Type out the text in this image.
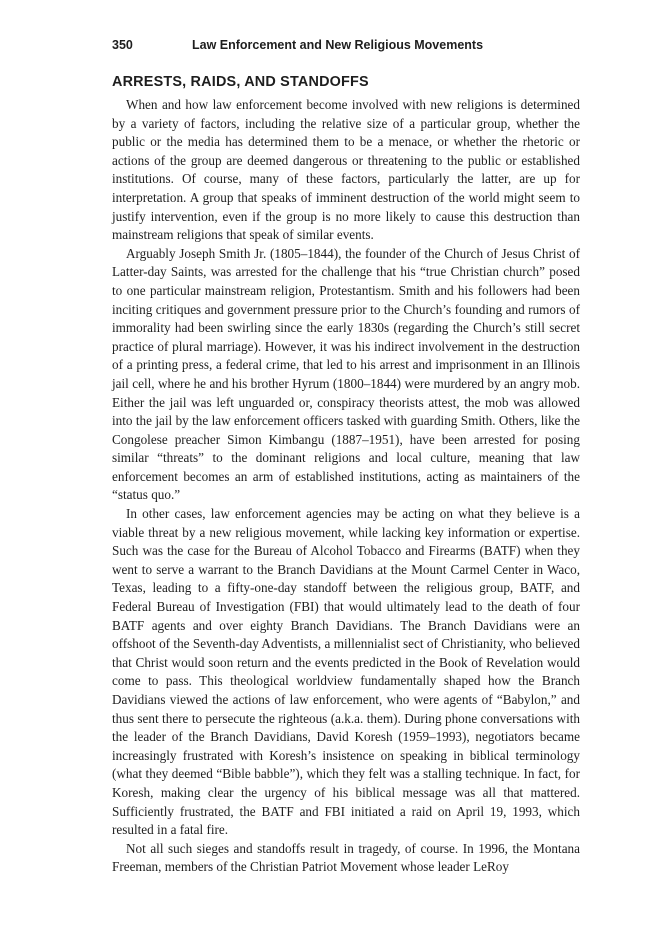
350	Law Enforcement and New Religious Movements
ARRESTS, RAIDS, AND STANDOFFS

When and how law enforcement become involved with new religions is determined by a variety of factors, including the relative size of a particular group, whether the public or the media has determined them to be a menace, or whether the rhetoric or actions of the group are deemed dangerous or threatening to the public or established institutions. Of course, many of these factors, particularly the latter, are up for interpretation. A group that speaks of imminent destruction of the world might seem to justify intervention, even if the group is no more likely to cause this destruction than mainstream religions that speak of similar events.

Arguably Joseph Smith Jr. (1805–1844), the founder of the Church of Jesus Christ of Latter-day Saints, was arrested for the challenge that his “true Christian church” posed to one particular mainstream religion, Protestantism. Smith and his followers had been inciting critiques and government pressure prior to the Church’s founding and rumors of immorality had been swirling since the early 1830s (regarding the Church’s still secret practice of plural marriage). However, it was his indirect involvement in the destruction of a printing press, a federal crime, that led to his arrest and imprisonment in an Illinois jail cell, where he and his brother Hyrum (1800–1844) were murdered by an angry mob. Either the jail was left unguarded or, conspiracy theorists attest, the mob was allowed into the jail by the law enforcement officers tasked with guarding Smith. Others, like the Congolese preacher Simon Kimbangu (1887–1951), have been arrested for posing similar “threats” to the dominant religions and local culture, meaning that law enforcement becomes an arm of established institutions, acting as maintainers of the “status quo.”

In other cases, law enforcement agencies may be acting on what they believe is a viable threat by a new religious movement, while lacking key information or expertise. Such was the case for the Bureau of Alcohol Tobacco and Firearms (BATF) when they went to serve a warrant to the Branch Davidians at the Mount Carmel Center in Waco, Texas, leading to a fifty-one-day standoff between the religious group, BATF, and Federal Bureau of Investigation (FBI) that would ultimately lead to the death of four BATF agents and over eighty Branch Davidians. The Branch Davidians were an offshoot of the Seventh-day Adventists, a millennialist sect of Christianity, who believed that Christ would soon return and the events predicted in the Book of Revelation would come to pass. This theological worldview fundamentally shaped how the Branch Davidians viewed the actions of law enforcement, who were agents of “Babylon,” and thus sent there to persecute the righteous (a.k.a. them). During phone conversations with the leader of the Branch Davidians, David Koresh (1959–1993), negotiators became increasingly frustrated with Koresh’s insistence on speaking in biblical terminology (what they deemed “Bible babble”), which they felt was a stalling technique. In fact, for Koresh, making clear the urgency of his biblical message was all that mattered. Sufficiently frustrated, the BATF and FBI initiated a raid on April 19, 1993, which resulted in a fatal fire.

Not all such sieges and standoffs result in tragedy, of course. In 1996, the Montana Freeman, members of the Christian Patriot Movement whose leader LeRoy
